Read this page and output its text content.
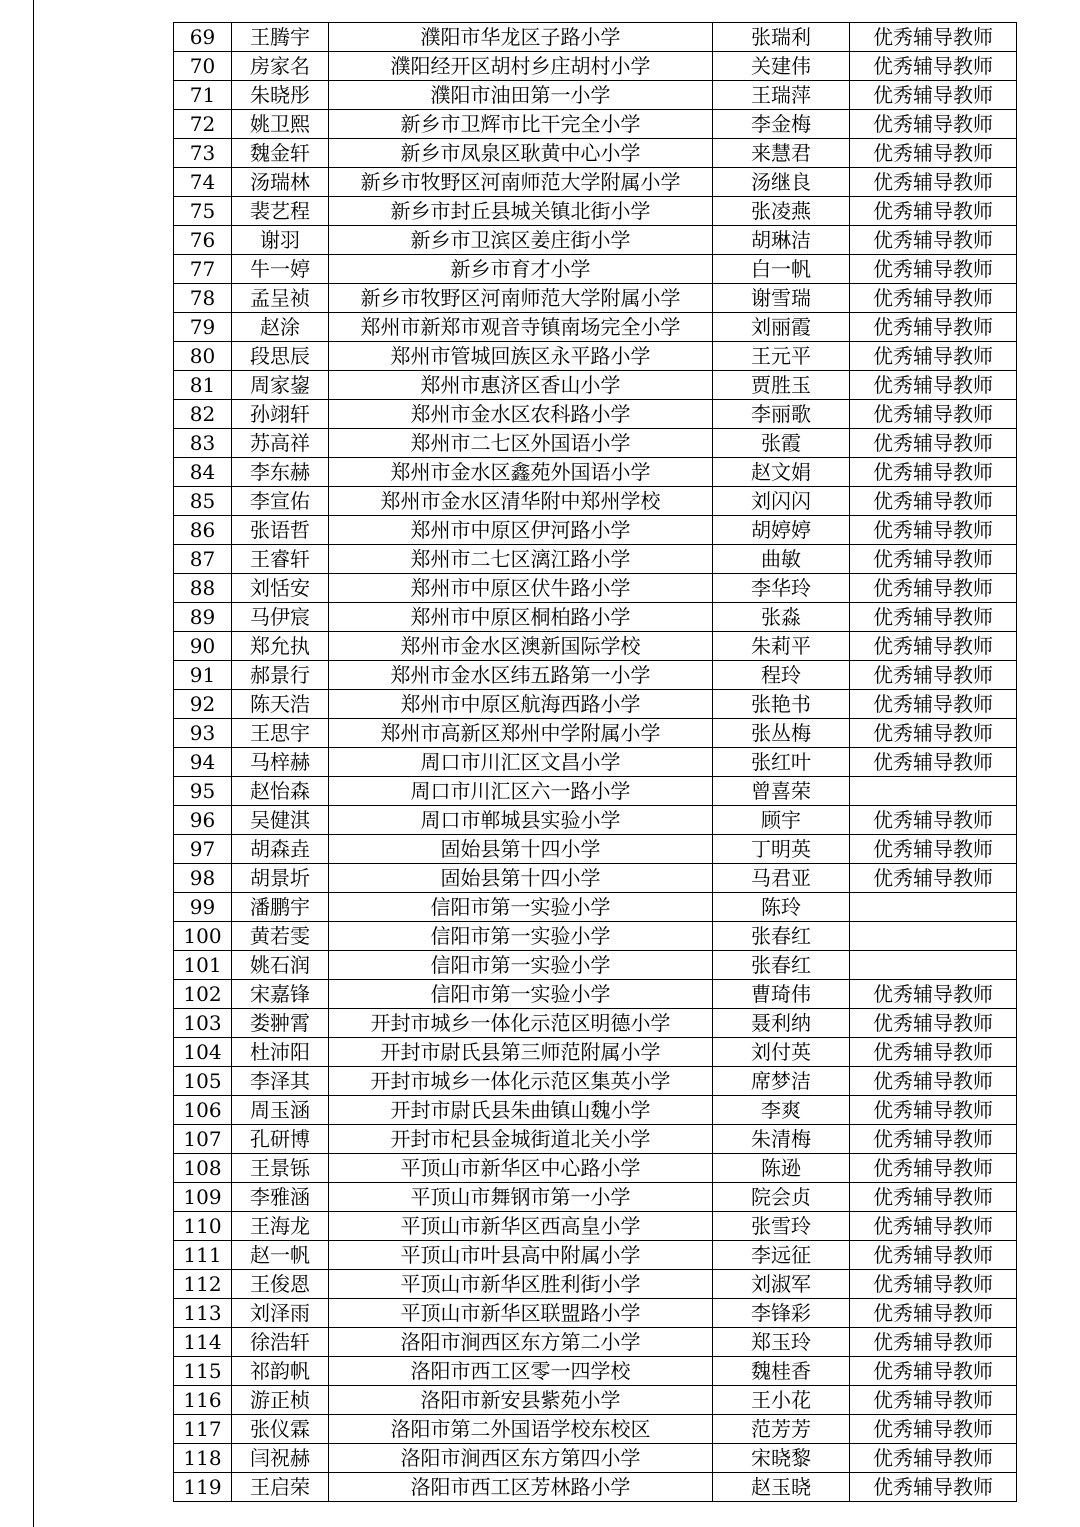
69	王腾宇	濮阳市华龙区子路小学	张瑞利	优秀辅导教师
70	房家名	濮阳经开区胡村乡庄胡村小学	关建伟	优秀辅导教师
71	朱晓彤	濮阳市油田第一小学	王瑞萍	优秀辅导教师
72	姚卫熙	新乡市卫辉市比干完全小学	李金梅	优秀辅导教师
73	魏金轩	新乡市凤泉区耿黄中心小学	来慧君	优秀辅导教师
74	汤瑞林	新乡市牧野区河南师范大学附属小学	汤继良	优秀辅导教师
75	裴艺程	新乡市封丘县城关镇北街小学	张凌燕	优秀辅导教师
76	谢羽	新乡市卫滨区姜庄街小学	胡琳洁	优秀辅导教师
77	牛一婷	新乡市育才小学	白一帆	优秀辅导教师
78	孟呈祯	新乡市牧野区河南师范大学附属小学	谢雪瑞	优秀辅导教师
79	赵涂	郑州市新郑市观音寺镇南场完全小学	刘丽霞	优秀辅导教师
80	段思辰	郑州市管城回族区永平路小学	王元平	优秀辅导教师
81	周家鋆	郑州市惠济区香山小学	贾胜玉	优秀辅导教师
82	孙翊轩	郑州市金水区农科路小学	李丽歌	优秀辅导教师
83	苏高祥	郑州市二七区外国语小学	张霞	优秀辅导教师
84	李东赫	郑州市金水区鑫苑外国语小学	赵文娟	优秀辅导教师
85	李宣佑	郑州市金水区清华附中郑州学校	刘闪闪	优秀辅导教师
86	张语哲	郑州市中原区伊河路小学	胡婷婷	优秀辅导教师
87	王睿轩	郑州市二七区漓江路小学	曲敏	优秀辅导教师
88	刘恬安	郑州市中原区伏牛路小学	李华玲	优秀辅导教师
89	马伊宸	郑州市中原区桐柏路小学	张淼	优秀辅导教师
90	郑允执	郑州市金水区澳新国际学校	朱莉平	优秀辅导教师
91	郝景行	郑州市金水区纬五路第一小学	程玲	优秀辅导教师
92	陈天浩	郑州市中原区航海西路小学	张艳书	优秀辅导教师
93	王思宇	郑州市高新区郑州中学附属小学	张丛梅	优秀辅导教师
94	马梓赫	周口市川汇区文昌小学	张红叶	优秀辅导教师
95	赵怡森	周口市川汇区六一路小学	曾喜荣	
96	吴健淇	周口市郸城县实验小学	顾宇	优秀辅导教师
97	胡森垚	固始县第十四小学	丁明英	优秀辅导教师
98	胡景圻	固始县第十四小学	马君亚	优秀辅导教师
99	潘鹏宇	信阳市第一实验小学	陈玲	
100	黄若雯	信阳市第一实验小学	张春红	
101	姚石润	信阳市第一实验小学	张春红	
102	宋嘉锋	信阳市第一实验小学	曹琦伟	优秀辅导教师
103	娄翀霄	开封市城乡一体化示范区明德小学	聂利纳	优秀辅导教师
104	杜沛阳	开封市尉氏县第三师范附属小学	刘付英	优秀辅导教师
105	李泽其	开封市城乡一体化示范区集英小学	席梦洁	优秀辅导教师
106	周玉涵	开封市尉氏县朱曲镇山魏小学	李爽	优秀辅导教师
107	孔研博	开封市杞县金城街道北关小学	朱清梅	优秀辅导教师
108	王景铄	平顶山市新华区中心路小学	陈逊	优秀辅导教师
109	李雅涵	平顶山市舞钢市第一小学	院会贞	优秀辅导教师
110	王海龙	平顶山市新华区西高皇小学	张雪玲	优秀辅导教师
111	赵一帆	平顶山市叶县高中附属小学	李远征	优秀辅导教师
112	王俊恩	平顶山市新华区胜利街小学	刘淑军	优秀辅导教师
113	刘泽雨	平顶山市新华区联盟路小学	李锋彩	优秀辅导教师
114	徐浩轩	洛阳市涧西区东方第二小学	郑玉玲	优秀辅导教师
115	祁韵帆	洛阳市西工区零一四学校	魏桂香	优秀辅导教师
116	游正桢	洛阳市新安县紫苑小学	王小花	优秀辅导教师
117	张仪霖	洛阳市第二外国语学校东校区	范芳芳	优秀辅导教师
118	闫祝赫	洛阳市涧西区东方第四小学	宋晓黎	优秀辅导教师
119	王启荣	洛阳市西工区芳林路小学	赵玉晓	优秀辅导教师
